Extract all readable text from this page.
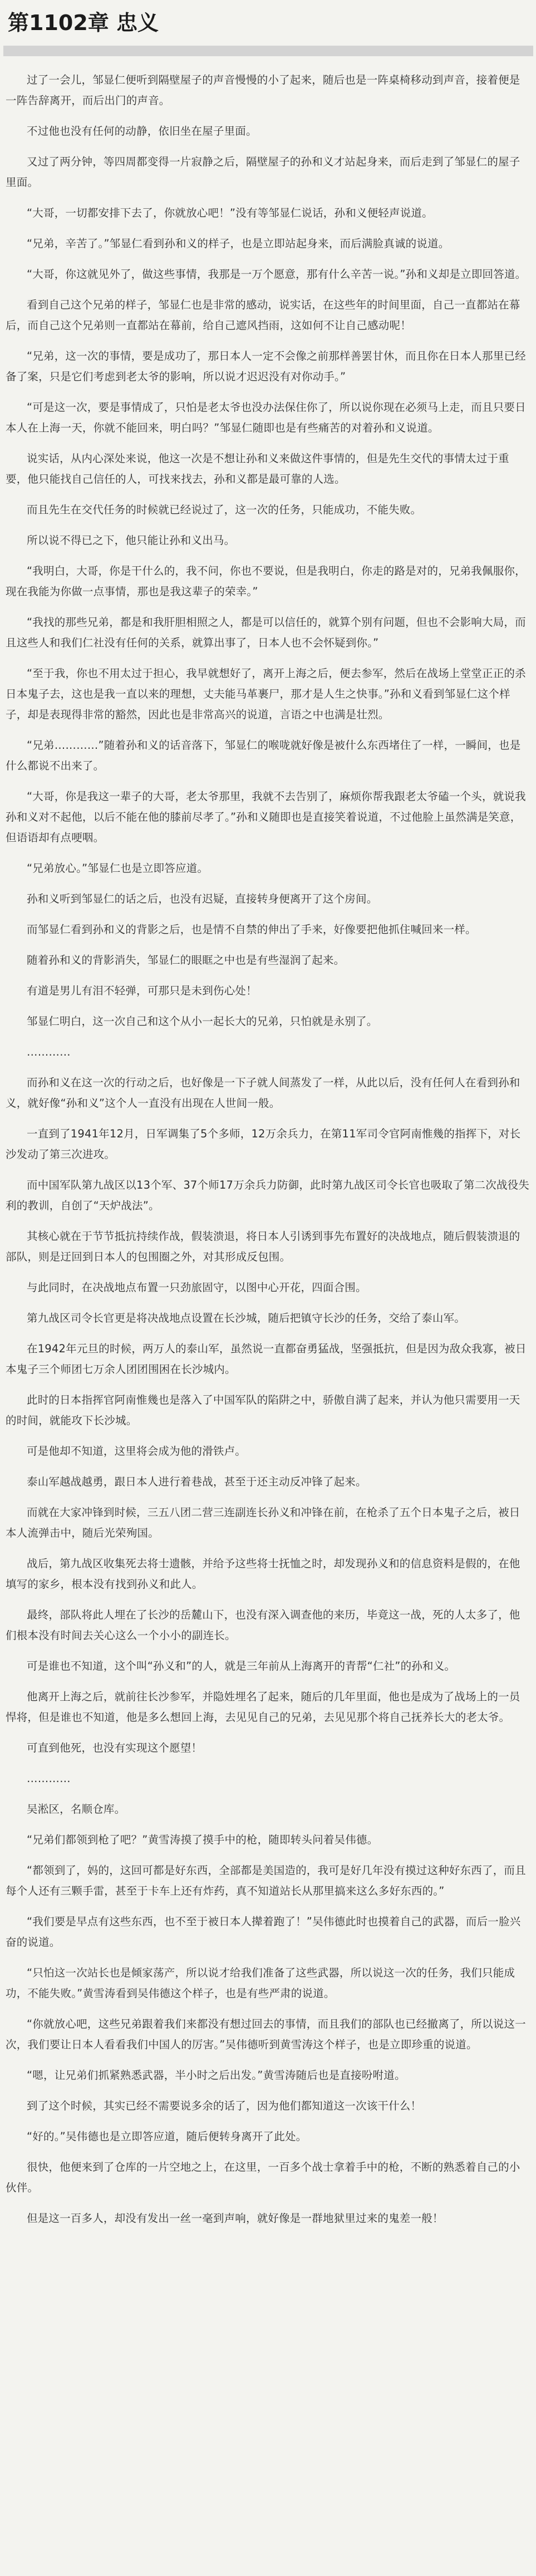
第1102章 忠义

过了一会儿，邹显仁便听到隔壁屋子的声音慢慢的小了起来，随后也是一阵桌椅移动到声音，接着便是一阵告辞离开，而后出门的声音。

不过他也没有任何的动静，依旧坐在屋子里面。

又过了两分钟，等四周都变得一片寂静之后，隔壁屋子的孙和义才站起身来，而后走到了邹显仁的屋子里面。

“大哥，一切都安排下去了，你就放心吧！”没有等邹显仁说话，孙和义便轻声说道。

“兄弟，辛苦了。”邹显仁看到孙和义的样子，也是立即站起身来，而后满脸真诚的说道。

“大哥，你这就见外了，做这些事情，我那是一万个愿意，那有什么辛苦一说。”孙和义却是立即回答道。

看到自己这个兄弟的样子，邹显仁也是非常的感动，说实话，在这些年的时间里面，自己一直都站在幕后，而自己这个兄弟则一直都站在幕前，给自己遮风挡雨，这如何不让自己感动呢！

“兄弟，这一次的事情，要是成功了，那日本人一定不会像之前那样善罢甘休，而且你在日本人那里已经备了案，只是它们考虑到老太爷的影响，所以说才迟迟没有对你动手。”

“可是这一次，要是事情成了，只怕是老太爷也没办法保住你了，所以说你现在必须马上走，而且只要日本人在上海一天，你就不能回来，明白吗？”邹显仁随即也是有些痛苦的对着孙和义说道。

说实话，从内心深处来说，他这一次是不想让孙和义来做这件事情的，但是先生交代的事情太过于重要，他只能找自己信任的人，可找来找去，孙和义都是最可靠的人选。

而且先生在交代任务的时候就已经说过了，这一次的任务，只能成功，不能失败。

所以说不得已之下，他只能让孙和义出马。

“我明白，大哥，你是干什么的，我不问，你也不要说，但是我明白，你走的路是对的，兄弟我佩服你，现在我能为你做一点事情，那也是我这辈子的荣幸。”

“我找的那些兄弟，都是和我肝胆相照之人，都是可以信任的，就算个别有问题，但也不会影响大局，而且这些人和我们仁社没有任何的关系，就算出事了，日本人也不会怀疑到你。”

“至于我，你也不用太过于担心，我早就想好了，离开上海之后，便去参军，然后在战场上堂堂正正的杀日本鬼子去，这也是我一直以来的理想，丈夫能马革裹尸，那才是人生之快事。”孙和义看到邹显仁这个样子，却是表现得非常的豁然，因此也是非常高兴的说道，言语之中也满是壮烈。

“兄弟…………”随着孙和义的话音落下，邹显仁的喉咙就好像是被什么东西堵住了一样，一瞬间，也是什么都说不出来了。

“大哥，你是我这一辈子的大哥，老太爷那里，我就不去告别了，麻烦你帮我跟老太爷磕一个头，就说我孙和义对不起他，以后不能在他的膝前尽孝了。”孙和义随即也是直接笑着说道，不过他脸上虽然满是笑意，但语语却有点哽咽。

“兄弟放心。”邹显仁也是立即答应道。

孙和义听到邹显仁的话之后，也没有迟疑，直接转身便离开了这个房间。

而邹显仁看到孙和义的背影之后，也是情不自禁的伸出了手来，好像要把他抓住喊回来一样。

随着孙和义的背影消失，邹显仁的眼眶之中也是有些湿润了起来。

有道是男儿有泪不轻弹，可那只是未到伤心处！

邹显仁明白，这一次自己和这个从小一起长大的兄弟，只怕就是永别了。

…………

而孙和义在这一次的行动之后，也好像是一下子就人间蒸发了一样，从此以后，没有任何人在看到孙和义，就好像“孙和义”这个人一直没有出现在人世间一般。

一直到了1941年12月，日军调集了5个多师，12万余兵力，在第11军司令官阿南惟幾的指挥下，对长沙发动了第三次进攻。

而中国军队第九战区以13个军、37个师17万余兵力防御，此时第九战区司令长官也吸取了第二次战役失利的教训，自创了“天炉战法”。

其核心就在于节节抵抗持续作战，假装溃退，将日本人引诱到事先布置好的决战地点，随后假装溃退的部队，则是迂回到日本人的包围圈之外，对其形成反包围。

与此同时，在决战地点布置一只劲旅固守，以图中心开花，四面合围。

第九战区司令长官更是将决战地点设置在长沙城，随后把镇守长沙的任务，交给了泰山军。

在1942年元旦的时候，两万人的泰山军，虽然说一直都奋勇猛战，坚强抵抗，但是因为敌众我寡，被日本鬼子三个师团七万余人团团围困在长沙城内。

此时的日本指挥官阿南惟幾也是落入了中国军队的陷阱之中，骄傲自满了起来，并认为他只需要用一天的时间，就能攻下长沙城。

可是他却不知道，这里将会成为他的滑铁卢。

泰山军越战越勇，跟日本人进行着巷战，甚至于还主动反冲锋了起来。

而就在大家冲锋到时候，三五八团二营三连副连长孙义和冲锋在前，在枪杀了五个日本鬼子之后，被日本人流弹击中，随后光荣殉国。

战后，第九战区收集死去将士遗骸，并给予这些将士抚恤之时，却发现孙义和的信息资料是假的，在他填写的家乡，根本没有找到孙义和此人。

最终，部队将此人埋在了长沙的岳麓山下，也没有深入调查他的来历，毕竟这一战，死的人太多了，他们根本没有时间去关心这么一个小小的副连长。

可是谁也不知道，这个叫“孙义和”的人，就是三年前从上海离开的青帮“仁社”的孙和义。

他离开上海之后，就前往长沙参军，并隐姓埋名了起来，随后的几年里面，他也是成为了战场上的一员悍将，但是谁也不知道，他是多么想回上海，去见见自己的兄弟，去见见那个将自己抚养长大的老太爷。

可直到他死，也没有实现这个愿望！

…………

吴淞区，名顺仓库。

“兄弟们都领到枪了吧？”黄雪涛摸了摸手中的枪，随即转头问着吴伟德。

“都领到了，妈的，这回可都是好东西，全部都是美国造的，我可是好几年没有摸过这种好东西了，而且每个人还有三颗手雷，甚至于卡车上还有炸药，真不知道站长从那里搞来这么多好东西的。”

“我们要是早点有这些东西，也不至于被日本人撵着跑了！”吴伟德此时也摸着自己的武器，而后一脸兴奋的说道。

“只怕这一次站长也是倾家荡产，所以说才给我们准备了这些武器，所以说这一次的任务，我们只能成功，不能失败。”黄雪涛看到吴伟德这个样子，也是有些严肃的说道。

“你就放心吧，这些兄弟跟着我们来都没有想过回去的事情，而且我们的部队也已经撤离了，所以说这一次，我们要让日本人看看我们中国人的厉害。”吴伟德听到黄雪涛这个样子，也是立即珍重的说道。

“嗯，让兄弟们抓紧熟悉武器，半小时之后出发。”黄雪涛随后也是直接吩咐道。

到了这个时候，其实已经不需要说多余的话了，因为他们都知道这一次该干什么！

“好的。”吴伟德也是立即答应道，随后便转身离开了此处。

很快，他便来到了仓库的一片空地之上，在这里，一百多个战士拿着手中的枪，不断的熟悉着自己的小伙伴。

但是这一百多人，却没有发出一丝一毫到声响，就好像是一群地狱里过来的鬼差一般！
